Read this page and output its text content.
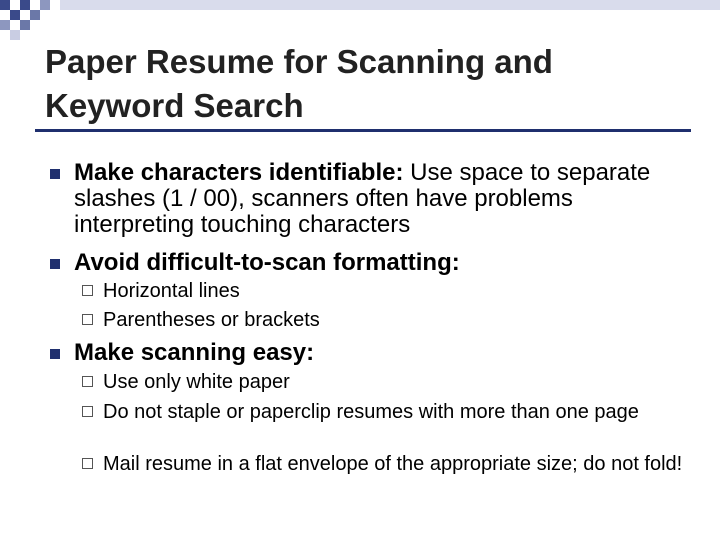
Paper Resume for Scanning and Keyword Search
Make characters identifiable: Use space to separate slashes (1 / 00), scanners often have problems interpreting touching characters
Avoid difficult-to-scan formatting:
Horizontal lines
Parentheses or brackets
Make scanning easy:
Use only white paper
Do not staple or paperclip resumes with more than one page
Mail resume in a flat envelope of the appropriate size; do not fold!
